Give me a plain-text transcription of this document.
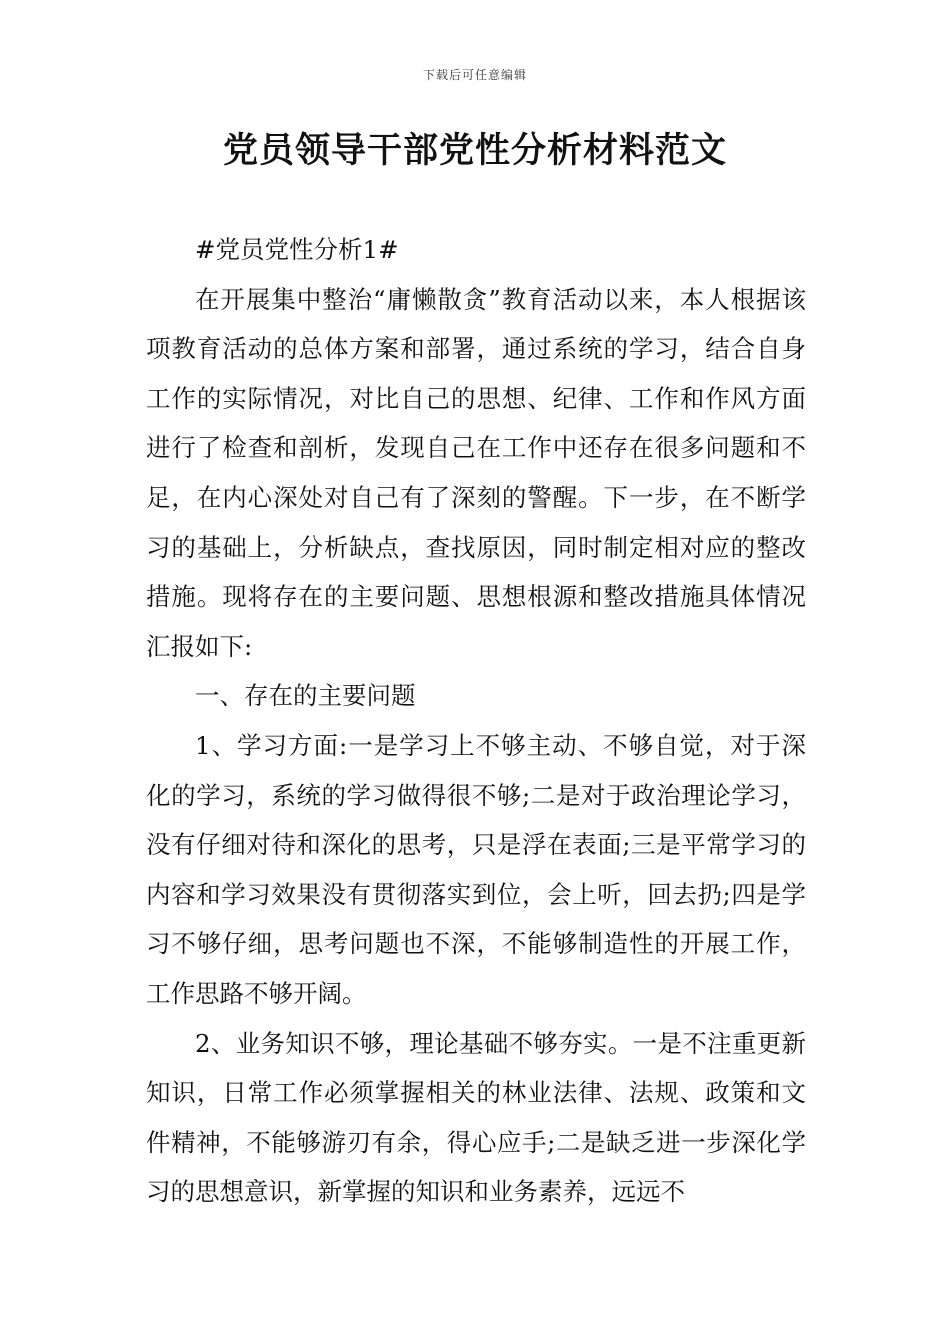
下载后可任意编辑
党员领导干部党性分析材料范文

#党员党性分析1#

在开展集中整治“庸懒散贪”教育活动以来，本人根据该项教育活动的总体方案和部署，通过系统的学习，结合自身工作的实际情况，对比自己的思想、纪律、工作和作风方面进行了检查和剖析，发现自己在工作中还存在很多问题和不足，在内心深处对自己有了深刻的警醒。下一步，在不断学习的基础上，分析缺点，查找原因，同时制定相对应的整改措施。现将存在的主要问题、思想根源和整改措施具体情况汇报如下:

一、存在的主要问题

1、学习方面:一是学习上不够主动、不够自觉，对于深化的学习，系统的学习做得很不够;二是对于政治理论学习，没有仔细对待和深化的思考，只是浮在表面;三是平常学习的内容和学习效果没有贯彻落实到位，会上听，回去扔;四是学习不够仔细，思考问题也不深，不能够制造性的开展工作，工作思路不够开阔。

2、业务知识不够，理论基础不够夯实。一是不注重更新知识，日常工作必须掌握相关的林业法律、法规、政策和文件精神，不能够游刃有余，得心应手;二是缺乏进一步深化学习的思想意识，新掌握的知识和业务素养，远远不
